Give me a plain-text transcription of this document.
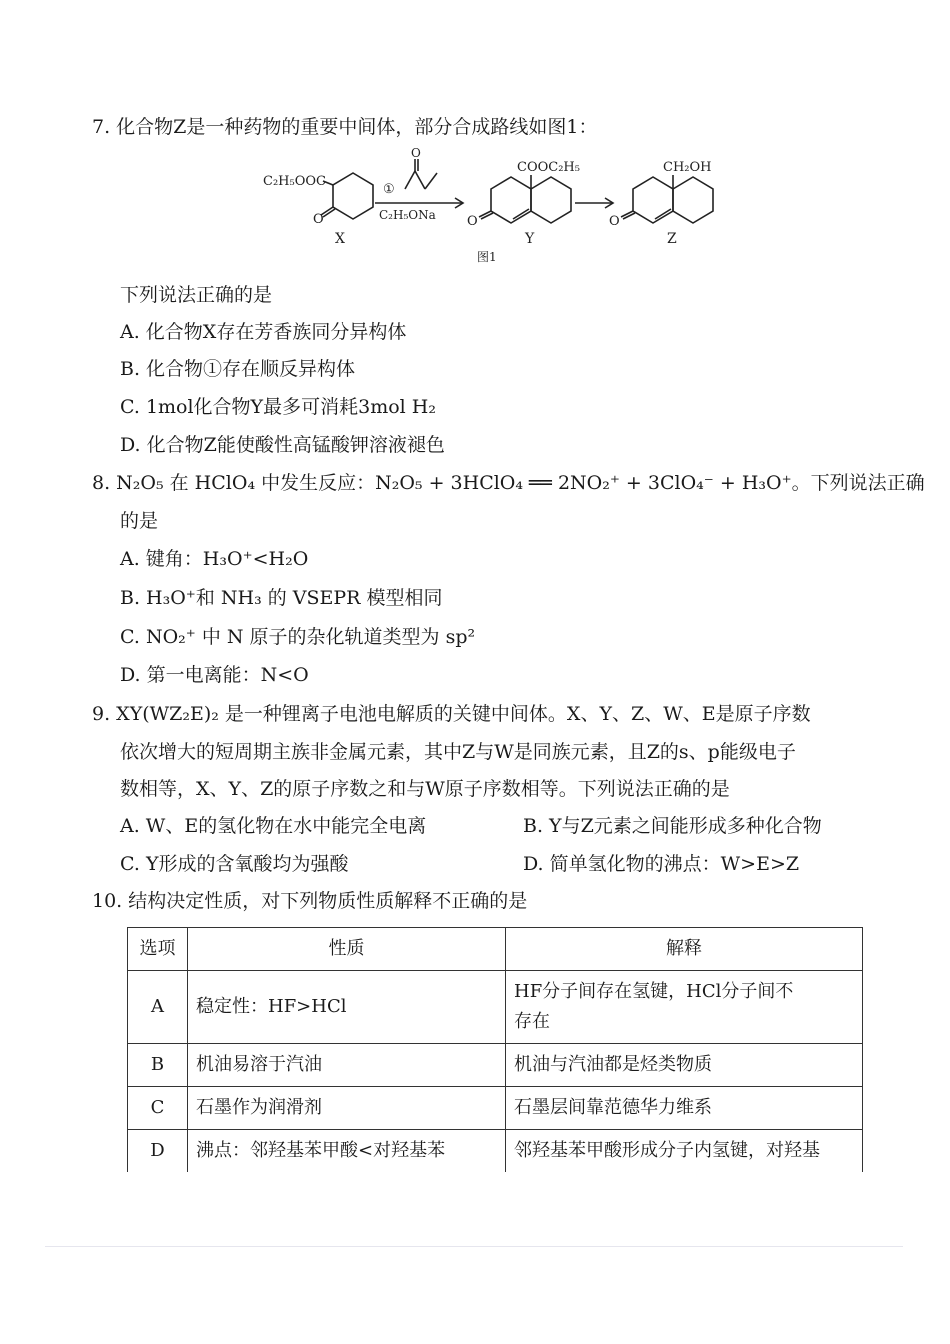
7. 化合物Z是一种药物的重要中间体，部分合成路线如图1：
C₂H₅OOC
O
X
①
O
C₂H₅ONa
COOC₂H₅
O
Y
CH₂OH
O
Z
图1
下列说法正确的是
A. 化合物X存在芳香族同分异构体
B. 化合物①存在顺反异构体
C. 1mol化合物Y最多可消耗3mol H₂
D. 化合物Z能使酸性高锰酸钾溶液褪色
8. N₂O₅ 在 HClO₄ 中发生反应：N₂O₅ + 3HClO₄ ══ 2NO₂⁺ + 3ClO₄⁻ + H₃O⁺。下列说法正确
的是
A. 键角：H₃O⁺<H₂O
B. H₃O⁺和 NH₃ 的 VSEPR 模型相同
C. NO₂⁺ 中 N 原子的杂化轨道类型为 sp²
D. 第一电离能：N<O
9. XY(WZ₂E)₂ 是一种锂离子电池电解质的关键中间体。X、Y、Z、W、E是原子序数
依次增大的短周期主族非金属元素，其中Z与W是同族元素，且Z的s、p能级电子
数相等，X、Y、Z的原子序数之和与W原子序数相等。下列说法正确的是
A. W、E的氢化物在水中能完全电离	B. Y与Z元素之间能形成多种化合物
C. Y形成的含氧酸均为强酸	D. 简单氢化物的沸点：W>E>Z
10. 结构决定性质，对下列物质性质解释不正确的是
选项	性质	解释
A	稳定性：HF>HCl	HF分子间存在氢键，HCl分子间不
存在

B	机油易溶于汽油	机油与汽油都是烃类物质
C	石墨作为润滑剂	石墨层间靠范德华力维系
D	沸点：邻羟基苯甲酸<对羟基苯	邻羟基苯甲酸形成分子内氢键，对羟基
